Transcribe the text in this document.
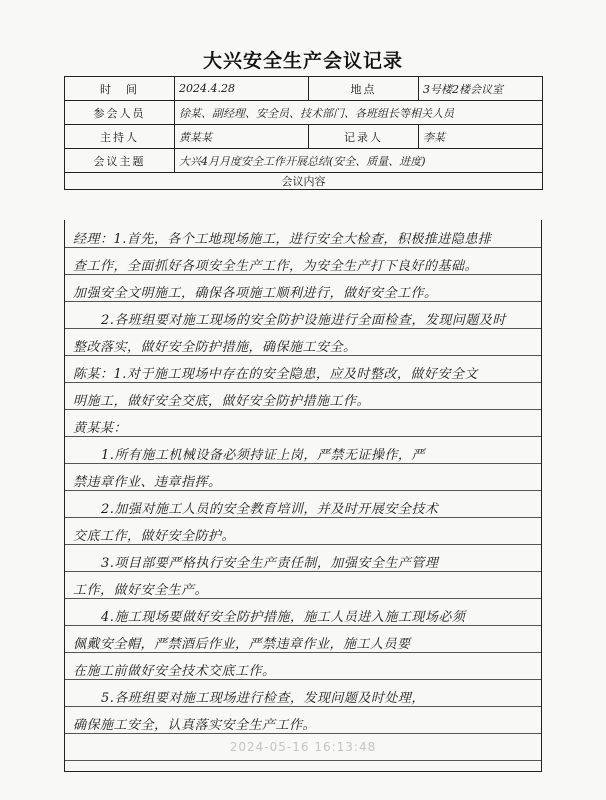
大兴安全生产会议记录
时　间	2024.4.28	地点	3号楼2楼会议室
参会人员	徐某、副经理、安全员、技术部门、各班组长等相关人员		
主持人	黄某某	记录人	李某
会议主题	大兴4月月度安全工作开展总结(安全、质量、进度)		
会议内容			
经理：1.首先，各个工地现场施工，进行安全大检查，积极推进隐患排
查工作，全面抓好各项安全生产工作，为安全生产打下良好的基础。
加强安全文明施工，确保各项施工顺利进行，做好安全工作。
2.各班组要对施工现场的安全防护设施进行全面检查，发现问题及时
整改落实，做好安全防护措施，确保施工安全。
陈某：1.对于施工现场中存在的安全隐患，应及时整改，做好安全文
明施工，做好安全交底，做好安全防护措施工作。
黄某某：
1.所有施工机械设备必须持证上岗，严禁无证操作，严
禁违章作业、违章指挥。
2.加强对施工人员的安全教育培训，并及时开展安全技术
交底工作，做好安全防护。
3.项目部要严格执行安全生产责任制，加强安全生产管理
工作，做好安全生产。
4.施工现场要做好安全防护措施，施工人员进入施工现场必须
佩戴安全帽，严禁酒后作业，严禁违章作业，施工人员要
在施工前做好安全技术交底工作。
5.各班组要对施工现场进行检查，发现问题及时处理，
确保施工安全，认真落实安全生产工作。
2024-05-16 16:13:48
